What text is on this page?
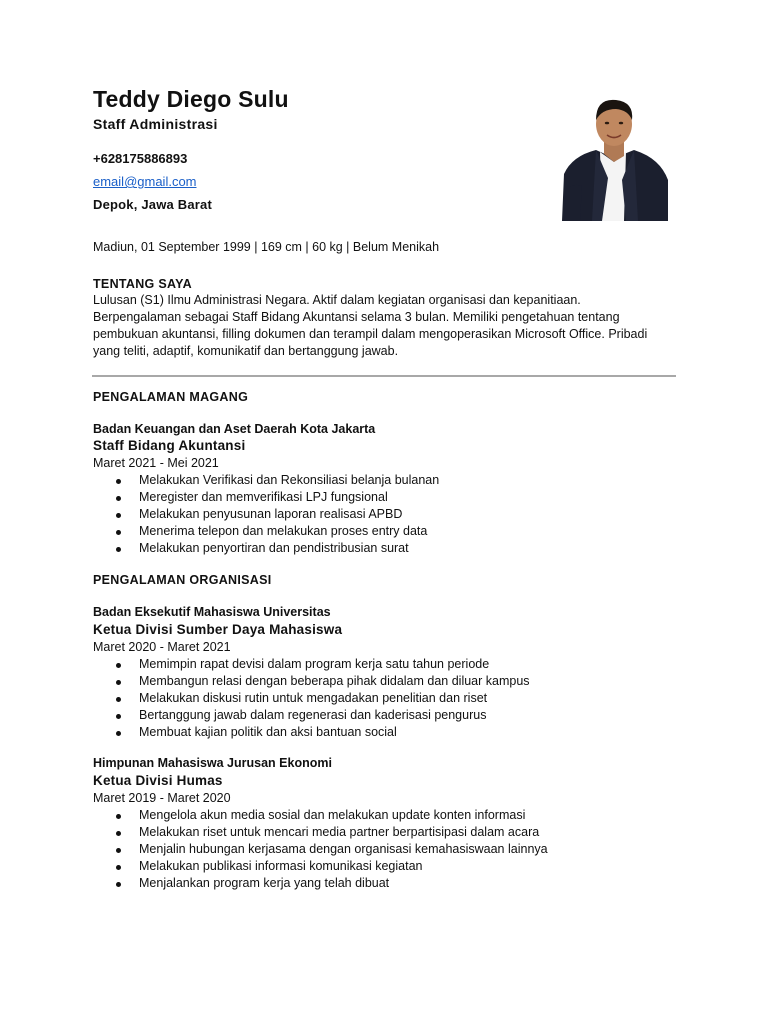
Teddy Diego Sulu
Staff Administrasi
+628175886893
email@gmail.com
Depok, Jawa Barat
Madiun, 01 September 1999 | 169 cm | 60 kg | Belum Menikah
TENTANG SAYA
Lulusan (S1) Ilmu Administrasi Negara. Aktif dalam kegiatan organisasi dan kepanitiaan.
Berpengalaman sebagai Staff Bidang Akuntansi selama 3 bulan. Memiliki pengetahuan tentang
pembukuan akuntansi, filling dokumen dan terampil dalam mengoperasikan Microsoft Office. Pribadi
yang teliti, adaptif, komunikatif dan bertanggung jawab.
PENGALAMAN MAGANG
Badan Keuangan dan Aset Daerah Kota Jakarta
Staff Bidang Akuntansi
Maret 2021 - Mei 2021
Melakukan Verifikasi dan Rekonsiliasi belanja bulanan
Meregister dan memverifikasi LPJ fungsional
Melakukan penyusunan laporan realisasi APBD
Menerima telepon dan melakukan proses entry data
Melakukan penyortiran dan pendistribusian surat
PENGALAMAN ORGANISASI
Badan Eksekutif Mahasiswa Universitas
Ketua Divisi Sumber Daya Mahasiswa
Maret 2020 - Maret 2021
Memimpin rapat devisi dalam program kerja satu tahun periode
Membangun relasi dengan beberapa pihak didalam dan diluar kampus
Melakukan diskusi rutin untuk mengadakan penelitian dan riset
Bertanggung jawab dalam regenerasi dan kaderisasi pengurus
Membuat kajian politik dan aksi bantuan social
Himpunan Mahasiswa Jurusan Ekonomi
Ketua Divisi Humas
Maret 2019 - Maret 2020
Mengelola akun media sosial dan melakukan update konten informasi
Melakukan riset untuk mencari media partner berpartisipasi dalam acara
Menjalin hubungan kerjasama dengan organisasi kemahasiswaan lainnya
Melakukan publikasi informasi komunikasi kegiatan
Menjalankan program kerja yang telah dibuat
